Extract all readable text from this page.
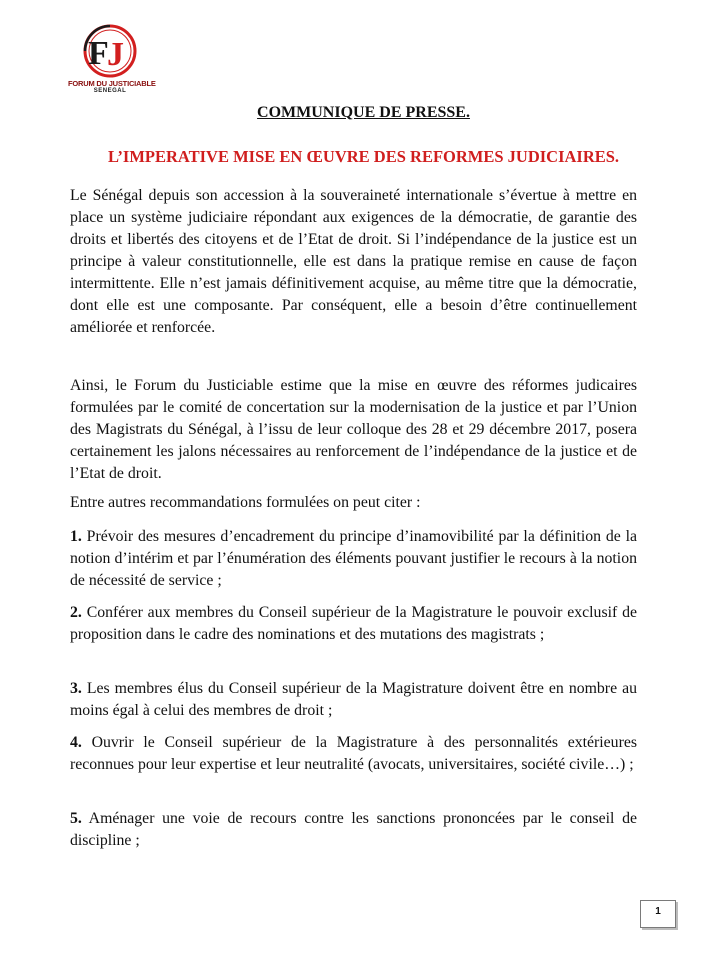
F
J
FORUM DU JUSTICIABLE
SENEGAL
COMMUNIQUE DE PRESSE.
L’IMPERATIVE MISE EN ŒUVRE DES REFORMES JUDICIAIRES.
Le Sénégal depuis son accession à la souveraineté internationale s’évertue à mettre en place un système judiciaire répondant aux exigences de la démocratie, de garantie des droits et libertés des citoyens et de l’Etat de droit. Si l’indépendance de la justice est un principe à valeur constitutionnelle, elle est dans la pratique remise en cause de façon intermittente. Elle n’est jamais définitivement acquise, au même titre que la démocratie, dont elle est une composante. Par conséquent, elle a besoin d’être continuellement améliorée et renforcée.
Ainsi, le Forum du Justiciable estime que la mise en œuvre des réformes judicaires formulées par le comité de concertation sur la modernisation de la justice et par l’Union des Magistrats du Sénégal, à l’issu de leur colloque des 28 et 29 décembre 2017, posera certainement les jalons nécessaires au renforcement de l’indépendance de la justice et de l’Etat de droit.
Entre autres recommandations formulées on peut citer :
1. Prévoir des mesures d’encadrement du principe d’inamovibilité par la définition de la notion d’intérim et par l’énumération des éléments pouvant justifier le recours à la notion de nécessité de service ;
2. Conférer aux membres du Conseil supérieur de la Magistrature le pouvoir exclusif de proposition dans le cadre des nominations et des mutations des magistrats ;
3. Les membres élus du Conseil supérieur de la Magistrature doivent être en nombre au moins égal à celui des membres de droit ;
4. Ouvrir le Conseil supérieur de la Magistrature à des personnalités extérieures reconnues pour leur expertise et leur neutralité (avocats, universitaires, société civile…) ;
5. Aménager une voie de recours contre les sanctions prononcées par le conseil de discipline ;
1
